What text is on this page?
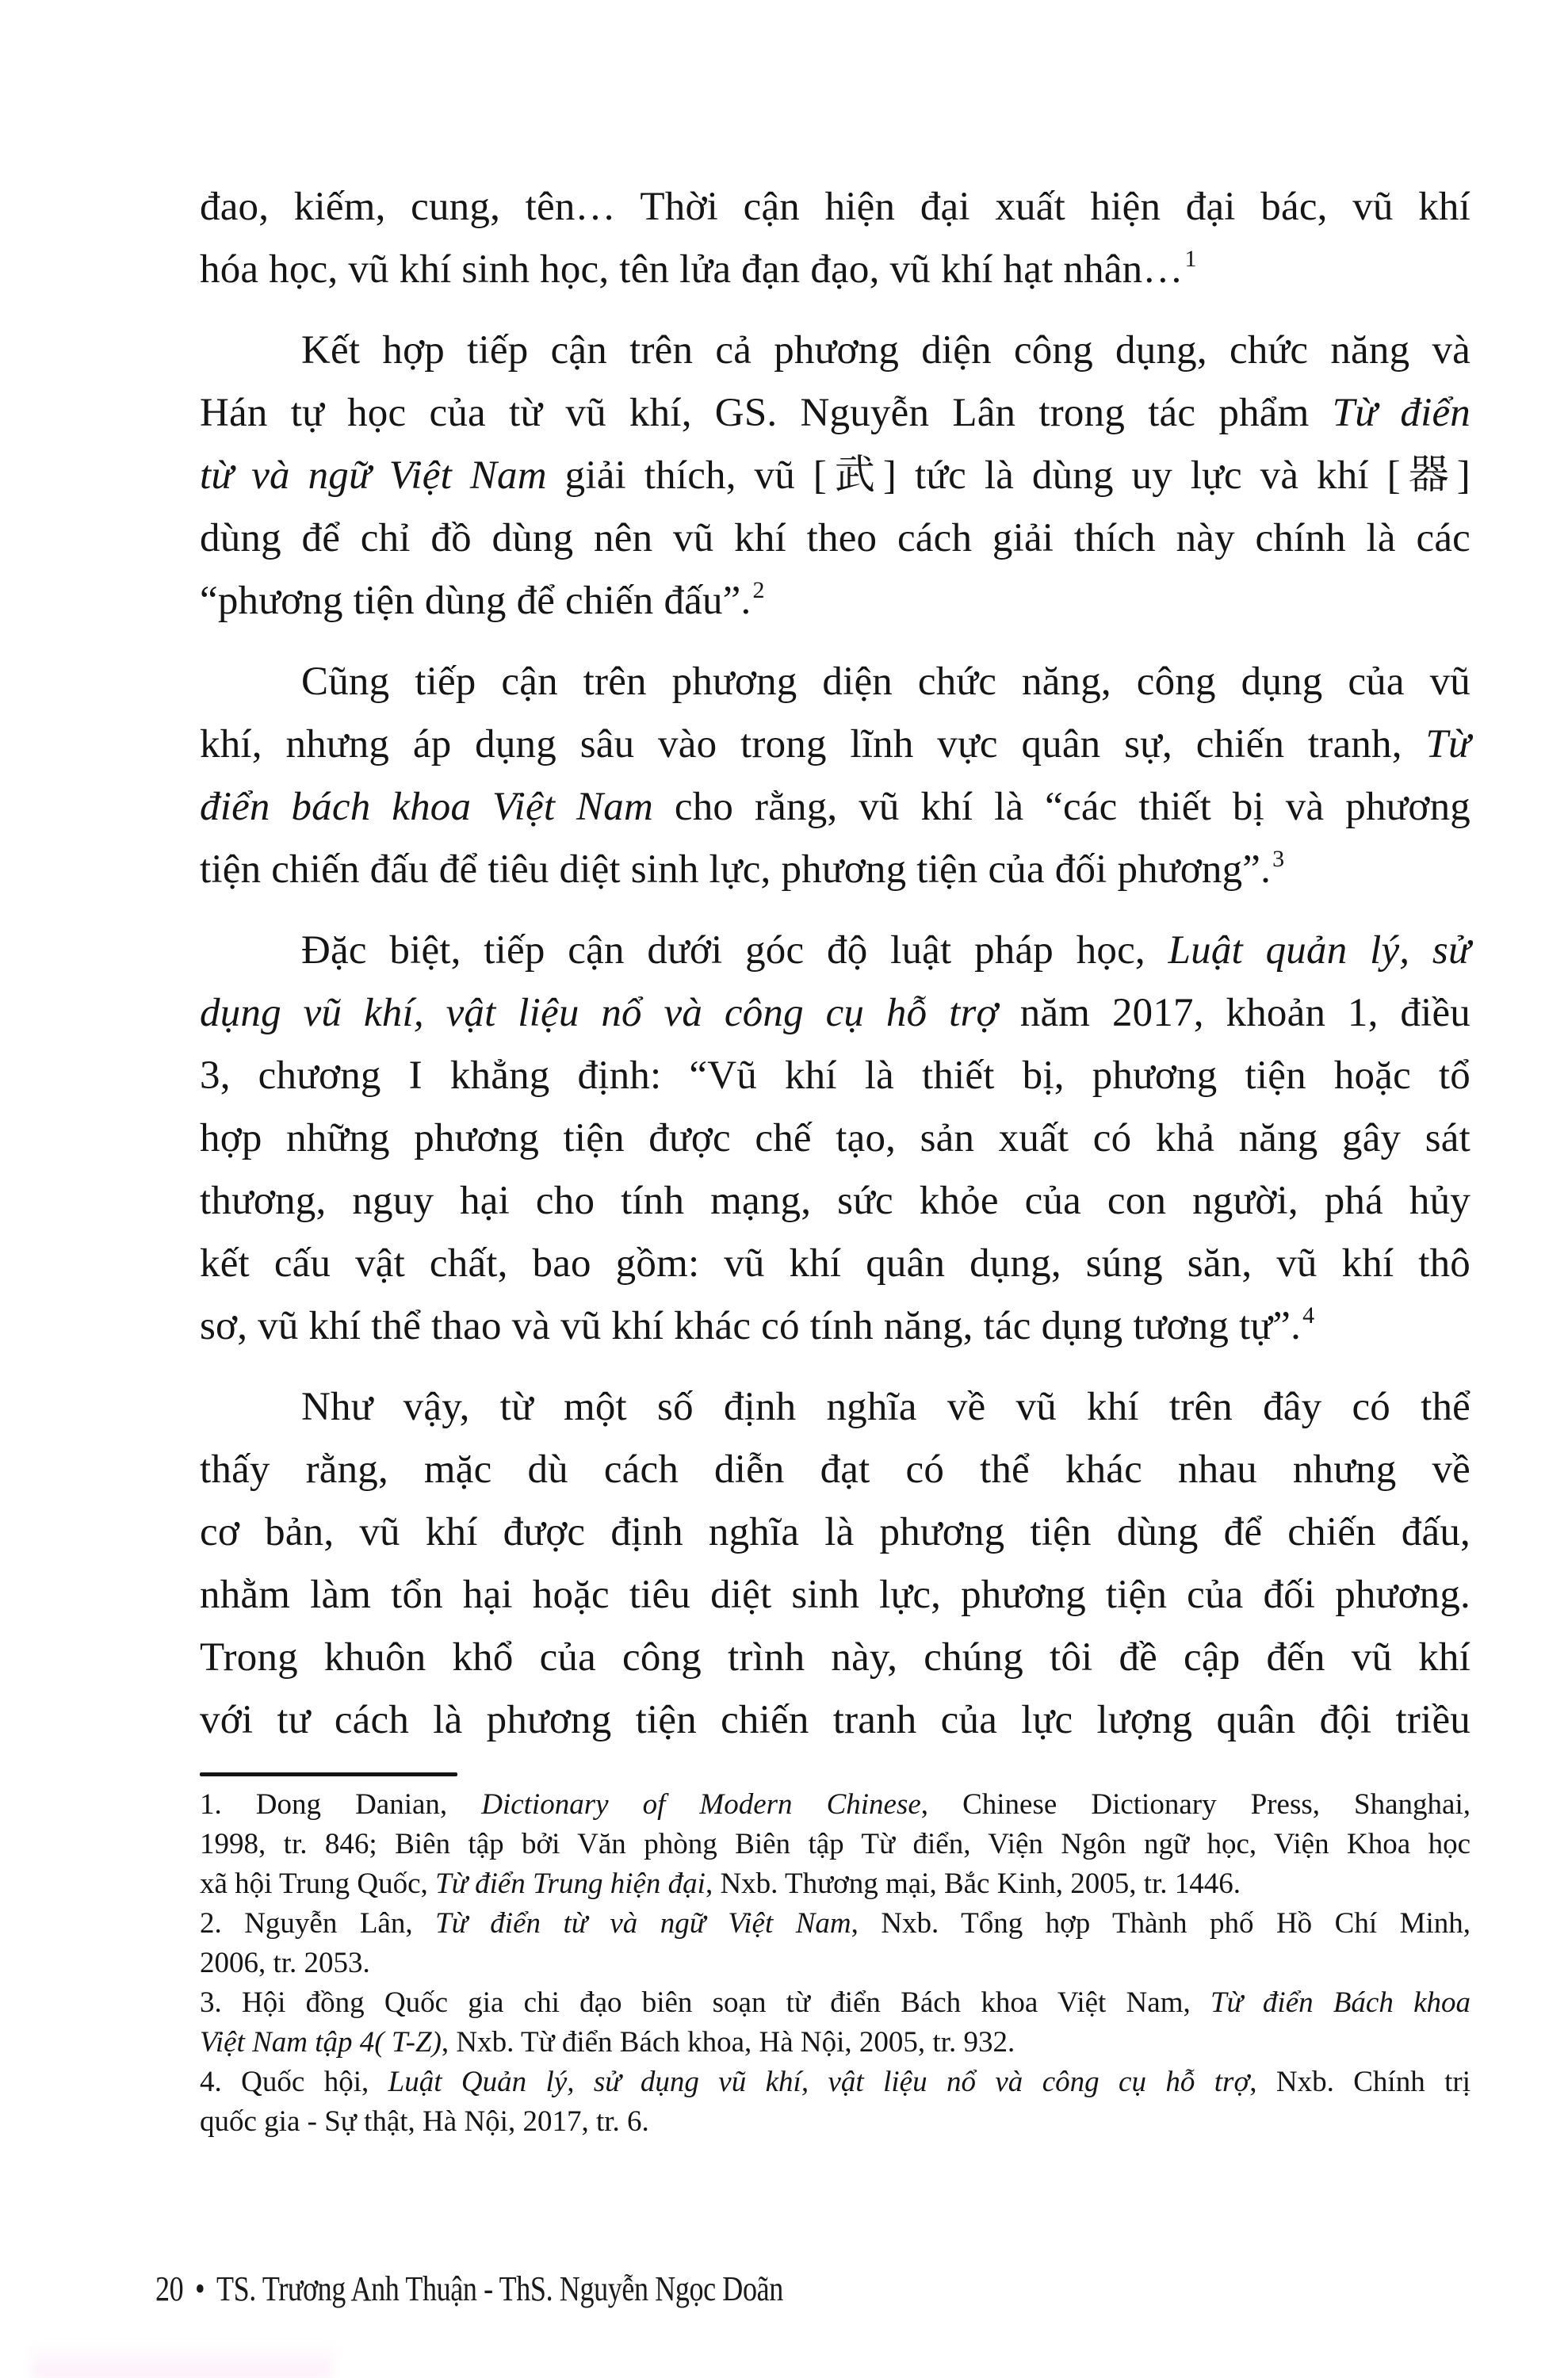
đao, kiếm, cung, tên… Thời cận hiện đại xuất hiện đại bác, vũ khí
hóa học, vũ khí sinh học, tên lửa đạn đạo, vũ khí hạt nhân…$^1$
Kết hợp tiếp cận trên cả phương diện công dụng, chức năng và
Hán tự học của từ vũ khí, GS. Nguyễn Lân trong tác phẩm Từ điển
từ và ngữ Việt Nam giải thích, vũ [武] tức là dùng uy lực và khí [器]
dùng để chỉ đồ dùng nên vũ khí theo cách giải thích này chính là các
“phương tiện dùng để chiến đấu”.$^2$
Cũng tiếp cận trên phương diện chức năng, công dụng của vũ
khí, nhưng áp dụng sâu vào trong lĩnh vực quân sự, chiến tranh, Từ
điển bách khoa Việt Nam cho rằng, vũ khí là “các thiết bị và phương
tiện chiến đấu để tiêu diệt sinh lực, phương tiện của đối phương”.$^3$
Đặc biệt, tiếp cận dưới góc độ luật pháp học, Luật quản lý, sử
dụng vũ khí, vật liệu nổ và công cụ hỗ trợ năm 2017, khoản 1, điều
3, chương I khẳng định: “Vũ khí là thiết bị, phương tiện hoặc tổ
hợp những phương tiện được chế tạo, sản xuất có khả năng gây sát
thương, nguy hại cho tính mạng, sức khỏe của con người, phá hủy
kết cấu vật chất, bao gồm: vũ khí quân dụng, súng săn, vũ khí thô
sơ, vũ khí thể thao và vũ khí khác có tính năng, tác dụng tương tự”.$^4$
Như vậy, từ một số định nghĩa về vũ khí trên đây có thể
thấy rằng, mặc dù cách diễn đạt có thể khác nhau nhưng về
cơ bản, vũ khí được định nghĩa là phương tiện dùng để chiến đấu,
nhằm làm tổn hại hoặc tiêu diệt sinh lực, phương tiện của đối phương.
Trong khuôn khổ của công trình này, chúng tôi đề cập đến vũ khí
với tư cách là phương tiện chiến tranh của lực lượng quân đội triều
1. Dong Danian, Dictionary of Modern Chinese, Chinese Dictionary Press, Shanghai,
1998, tr. 846; Biên tập bởi Văn phòng Biên tập Từ điển, Viện Ngôn ngữ học, Viện Khoa học
xã hội Trung Quốc, Từ điển Trung hiện đại, Nxb. Thương mại, Bắc Kinh, 2005, tr. 1446.
2. Nguyễn Lân, Từ điển từ và ngữ Việt Nam, Nxb. Tổng hợp Thành phố Hồ Chí Minh,
2006, tr. 2053.
3. Hội đồng Quốc gia chi đạo biên soạn từ điển Bách khoa Việt Nam, Từ điển Bách khoa
Việt Nam tập 4( T-Z), Nxb. Từ điển Bách khoa, Hà Nội, 2005, tr. 932.
4. Quốc hội, Luật Quản lý, sử dụng vũ khí, vật liệu nổ và công cụ hỗ trợ, Nxb. Chính trị
quốc gia - Sự thật, Hà Nội, 2017, tr. 6.
20 • TS. Trương Anh Thuận - ThS. Nguyễn Ngọc Doãn
